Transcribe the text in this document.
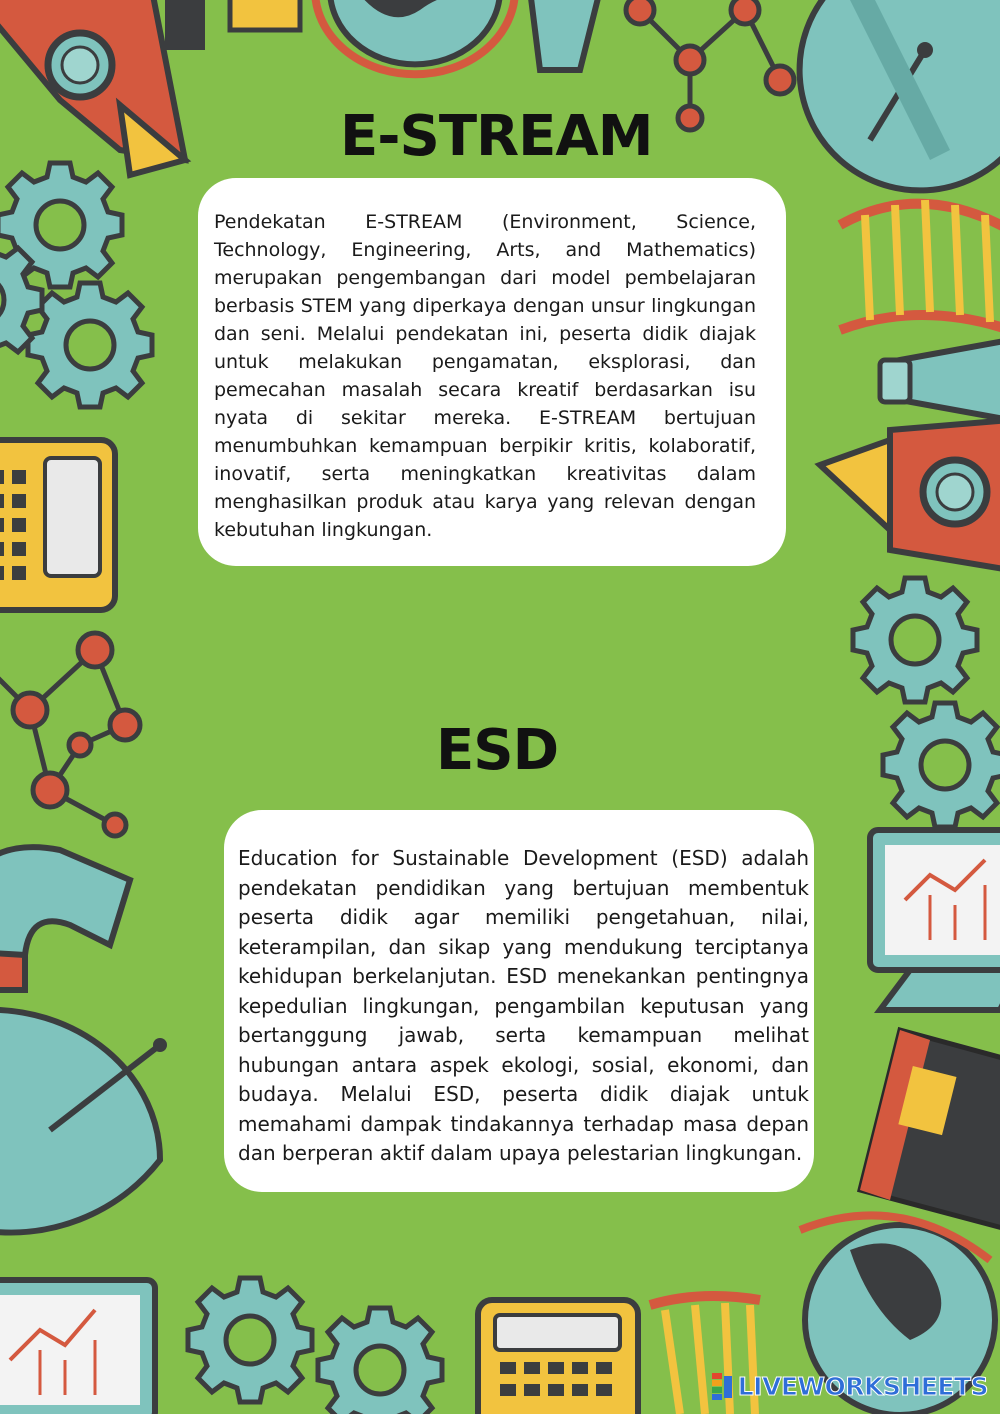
E-STREAM

Pendekatan E-STREAM (Environment, Science, Technology, Engineering, Arts, and Mathematics) merupakan pengembangan dari model pembelajaran berbasis STEM yang diperkaya dengan unsur lingkungan dan seni. Melalui pendekatan ini, peserta didik diajak untuk melakukan pengamatan, eksplorasi, dan pemecahan masalah secara kreatif berdasarkan isu nyata di sekitar mereka. E-STREAM bertujuan menumbuhkan kemampuan berpikir kritis, kolaboratif, inovatif, serta meningkatkan kreativitas dalam menghasilkan produk atau karya yang relevan dengan kebutuhan lingkungan.

ESD

Education for Sustainable Development (ESD) adalah pendekatan pendidikan yang bertujuan membentuk peserta didik agar memiliki pengetahuan, nilai, keterampilan, dan sikap yang mendukung terciptanya kehidupan berkelanjutan. ESD menekankan pentingnya kepedulian lingkungan, pengambilan keputusan yang bertanggung jawab, serta kemampuan melihat hubungan antara aspek ekologi, sosial, ekonomi, dan budaya. Melalui ESD, peserta didik diajak untuk memahami dampak tindakannya terhadap masa depan dan berperan aktif dalam upaya pelestarian lingkungan.

LIVEWORKSHEETS
